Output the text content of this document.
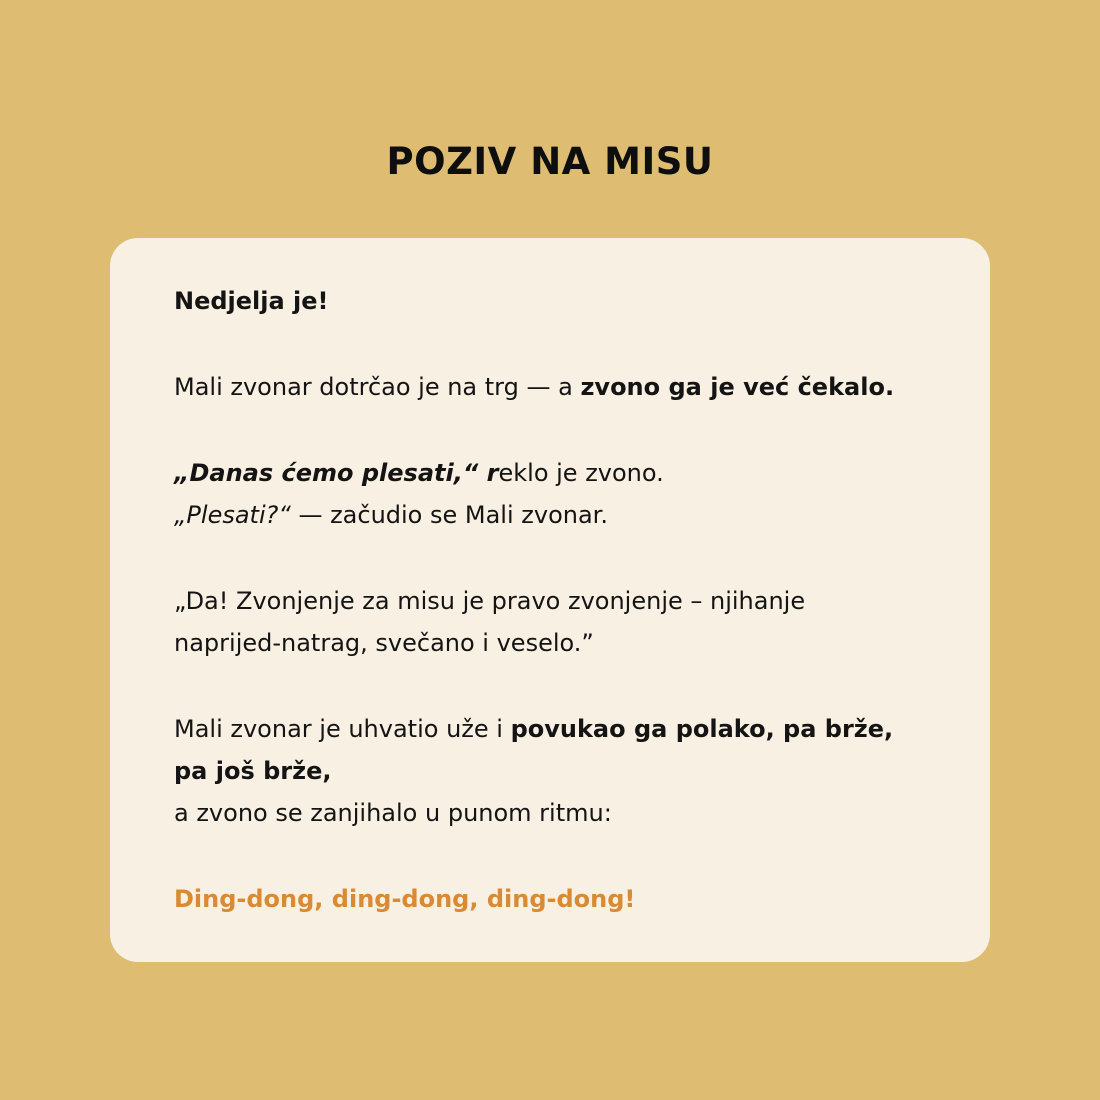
POZIV NA MISU

Nedjelja je!

Mali zvonar dotrčao je na trg — a zvono ga je već čekalo.

„Danas ćemo plesati,“ reklo je zvono.
„Plesati?“ — začudio se Mali zvonar.

„Da! Zvonjenje za misu je pravo zvonjenje – njihanje
naprijed-natrag, svečano i veselo.”

Mali zvonar je uhvatio uže i povukao ga polako, pa brže,
pa još brže,
a zvono se zanjihalo u punom ritmu:

Ding-dong, ding-dong, ding-dong!
